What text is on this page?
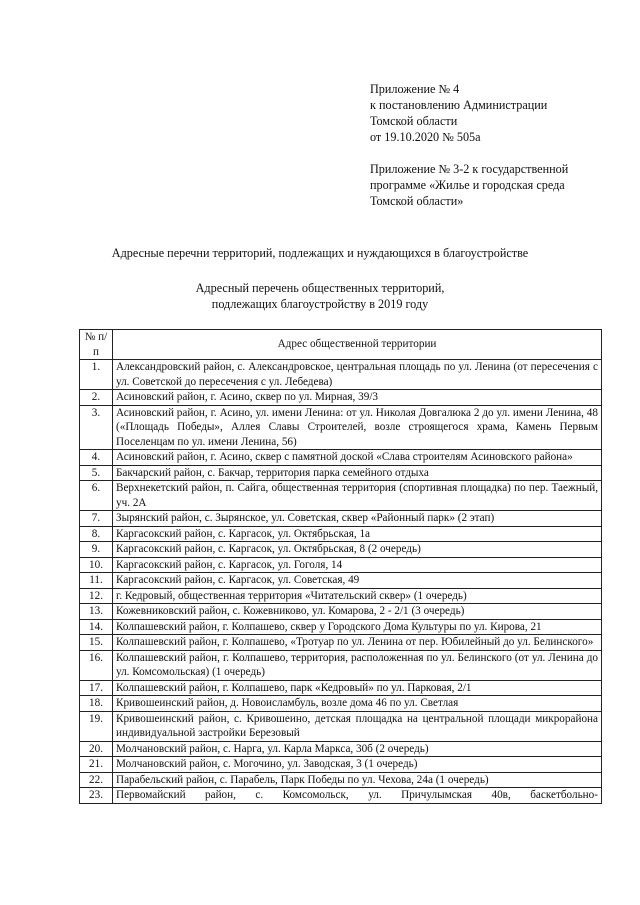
Приложение № 4
к постановлению Администрации
Томской области
от 19.10.2020 № 505а
Приложение № 3-2 к государственной
программе «Жилье и городская среда
Томской области»
Адресные перечни территорий, подлежащих и нуждающихся в благоустройстве
Адресный перечень общественных территорий,
подлежащих благоустройству в 2019 году
№ п/п	Адрес общественной территории
1.	Александровский район, с. Александровское, центральная площадь по ул. Ленина (от пересечения с ул. Советской до пересечения с ул. Лебедева)
2.	Асиновский район, г. Асино, сквер по ул. Мирная, 39/3
3.	Асиновский район, г. Асино, ул. имени Ленина: от ул. Николая Довгалюка 2 до ул. имени Ленина, 48 («Площадь Победы», Аллея Славы Строителей, возле строящегося храма, Камень Первым Поселенцам по ул. имени Ленина, 56)
4.	Асиновский район, г. Асино, сквер с памятной доской «Слава строителям Асиновского района»
5.	Бакчарский район, с. Бакчар, территория парка семейного отдыха
6.	Верхнекетский район, п. Сайга, общественная территория (спортивная площадка) по пер. Таежный, уч. 2А
7.	Зырянский район, с. Зырянское, ул. Советская, сквер «Районный парк» (2 этап)
8.	Каргасокский район, с. Каргасок, ул. Октябрьская, 1а
9.	Каргасокский район, с. Каргасок, ул. Октябрьская, 8 (2 очередь)
10.	Каргасокский район, с. Каргасок, ул. Гоголя, 14
11.	Каргасокский район, с. Каргасок, ул. Советская, 49
12.	г. Кедровый, общественная территория «Читательский сквер» (1 очередь)
13.	Кожевниковский район, с. Кожевниково, ул. Комарова, 2 - 2/1 (3 очередь)
14.	Колпашевский район, г. Колпашево, сквер у Городского Дома Культуры по ул. Кирова, 21
15.	Колпашевский район, г. Колпашево, «Тротуар по ул. Ленина от пер. Юбилейный до ул. Белинского»
16.	Колпашевский район, г. Колпашево, территория, расположенная по ул. Белинского (от ул. Ленина до ул. Комсомольская) (1 очередь)
17.	Колпашевский район, г. Колпашево, парк «Кедровый» по ул. Парковая, 2/1
18.	Кривошеинский район, д. Новоисламбуль, возле дома 46 по ул. Светлая
19.	Кривошеинский район, с. Кривошеино, детская площадка на центральной площади микрорайона индивидуальной застройки Березовый
20.	Молчановский район, с. Нарга, ул. Карла Маркса, 30б (2 очередь)
21.	Молчановский район, с. Могочино, ул. Заводская, 3 (1 очередь)
22.	Парабельский район, с. Парабель, Парк Победы по ул. Чехова, 24а (1 очередь)
23.	Первомайский район, с. Комсомольск, ул. Причулымская 40в, баскетбольно-
